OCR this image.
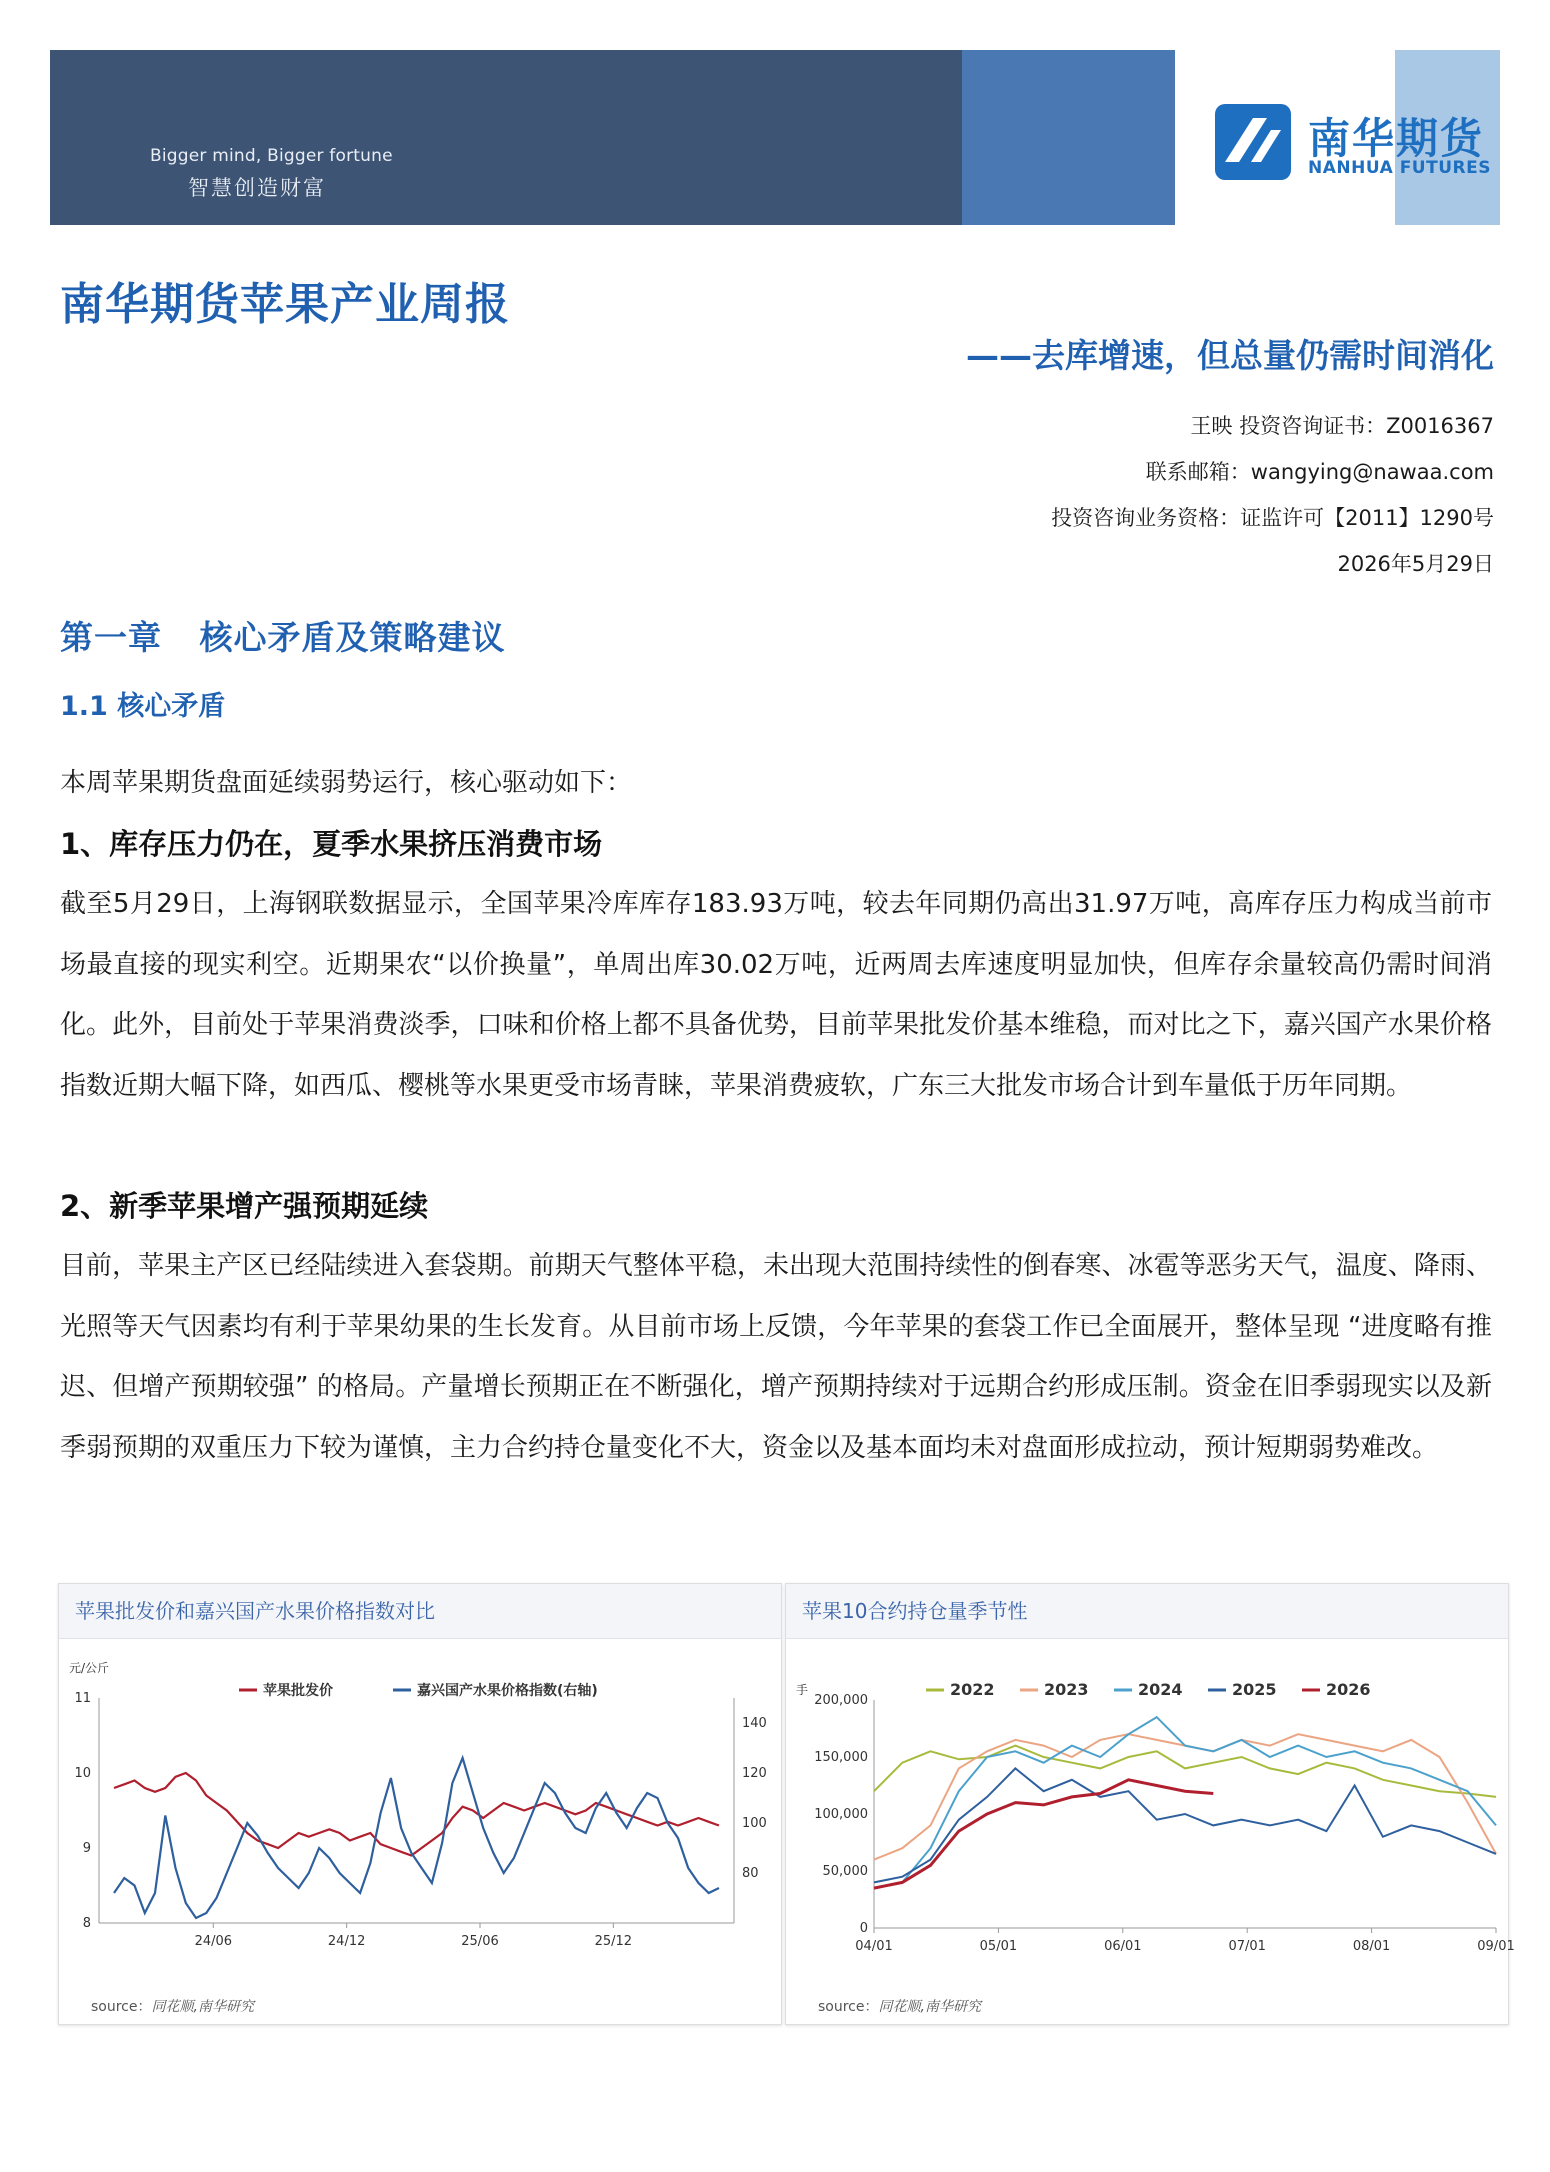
Bigger mind, Bigger fortune
智慧创造财富
南华期货
NANHUA FUTURES
南华期货苹果产业周报
——去库增速，但总量仍需时间消化
王映 投资咨询证书：Z0016367
联系邮箱：wangying@nawaa.com
投资咨询业务资格：证监许可【2011】1290号
2026年5月29日
第一章   核心矛盾及策略建议
1.1 核心矛盾

本周苹果期货盘面延续弱势运行，核心驱动如下：

1、库存压力仍在，夏季水果挤压消费市场

截至5月29日，上海钢联数据显示，全国苹果冷库库存183.93万吨，较去年同期仍高出31.97万吨，高库存压力构成当前市场最直接的现实利空。近期果农“以价换量”，单周出库30.02万吨，近两周去库速度明显加快，但库存余量较高仍需时间消化。此外，目前处于苹果消费淡季，口味和价格上都不具备优势，目前苹果批发价基本维稳，而对比之下，嘉兴国产水果价格指数近期大幅下降，如西瓜、樱桃等水果更受市场青睐，苹果消费疲软，广东三大批发市场合计到车量低于历年同期。

2、新季苹果增产强预期延续

目前，苹果主产区已经陆续进入套袋期。前期天气整体平稳，未出现大范围持续性的倒春寒、冰雹等恶劣天气，温度、降雨、光照等天气因素均有利于苹果幼果的生长发育。从目前市场上反馈，今年苹果的套袋工作已全面展开，整体呈现 “进度略有推迟、但增产预期较强” 的格局。产量增长预期正在不断强化，增产预期持续对于远期合约形成压制。资金在旧季弱现实以及新季弱预期的双重压力下较为谨慎，主力合约持仓量变化不大，资金以及基本面均未对盘面形成拉动，预计短期弱势难改。

苹果批发价和嘉兴国产水果价格指数对比
元/公斤
8
9
10
11
80
100
120
140
24/06	24/12	25/06	25/12
苹果批发价	嘉兴国产水果价格指数(右轴)
source：同花顺,南华研究
苹果10合约持仓量季节性
手
0
50,000
100,000
150,000
200,000
04/01	05/01	06/01	07/01	08/01	09/01
2022	2023	2024	2025	2026
source：同花顺,南华研究
